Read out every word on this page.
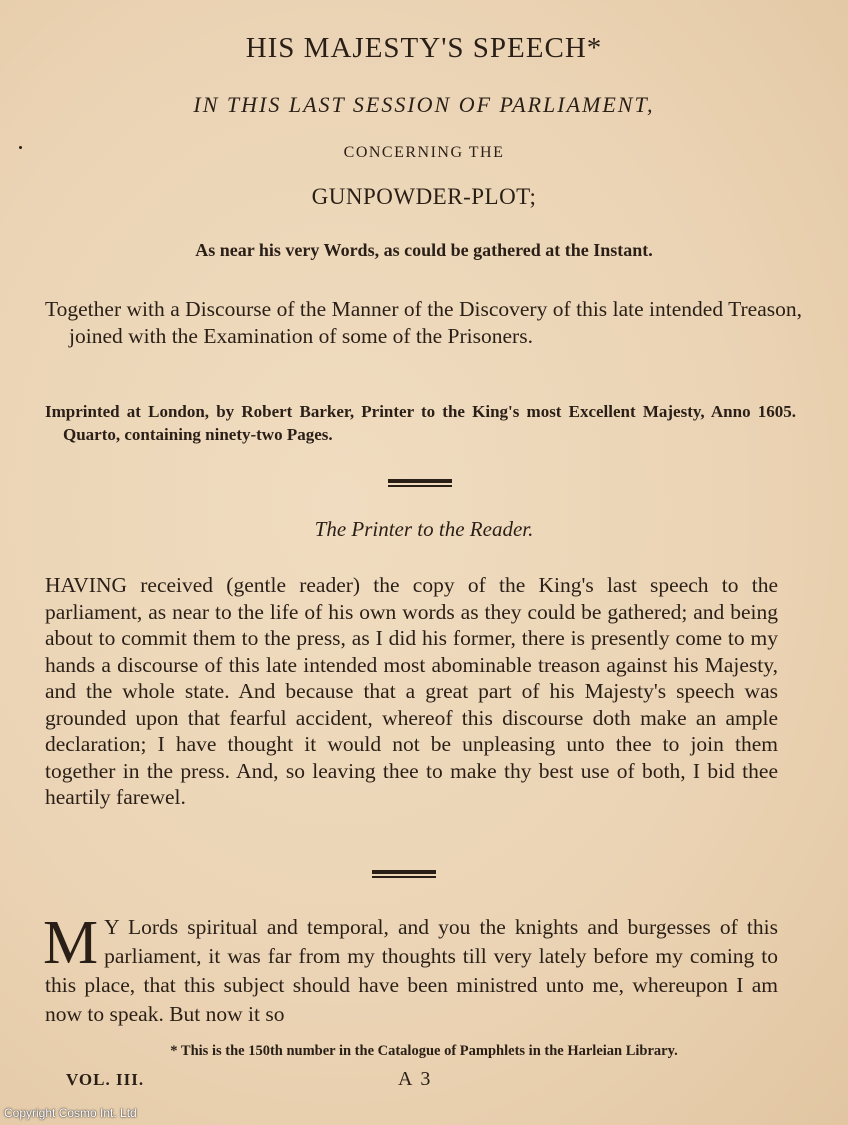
HIS MAJESTY'S SPEECH*
IN THIS LAST SESSION OF PARLIAMENT,
CONCERNING THE
GUNPOWDER-PLOT;
As near his very Words, as could be gathered at the Instant.
Together with a Discourse of the Manner of the Discovery of this late intended Treason, joined with the Examination of some of the Prisoners.
Imprinted at London, by Robert Barker, Printer to the King's most Excellent Majesty, Anno 1605. Quarto, containing ninety-two Pages.
The Printer to the Reader.
HAVING received (gentle reader) the copy of the King's last speech to the parliament, as near to the life of his own words as they could be gathered; and being about to commit them to the press, as I did his former, there is presently come to my hands a discourse of this late intended most abominable treason against his Majesty, and the whole state. And because that a great part of his Majesty's speech was grounded upon that fearful accident, whereof this discourse doth make an ample declaration; I have thought it would not be unpleasing unto thee to join them together in the press. And, so leaving thee to make thy best use of both, I bid thee heartily farewel.
M Y Lords spiritual and temporal, and you the knights and burgesses of this parliament, it was far from my thoughts till very lately before my coming to this place, that this subject should have been ministred unto me, whereupon I am now to speak. But now it so
* This is the 150th number in the Catalogue of Pamphlets in the Harleian Library.
VOL. III.	A 3
Copyright Cosmo Int. Ltd
